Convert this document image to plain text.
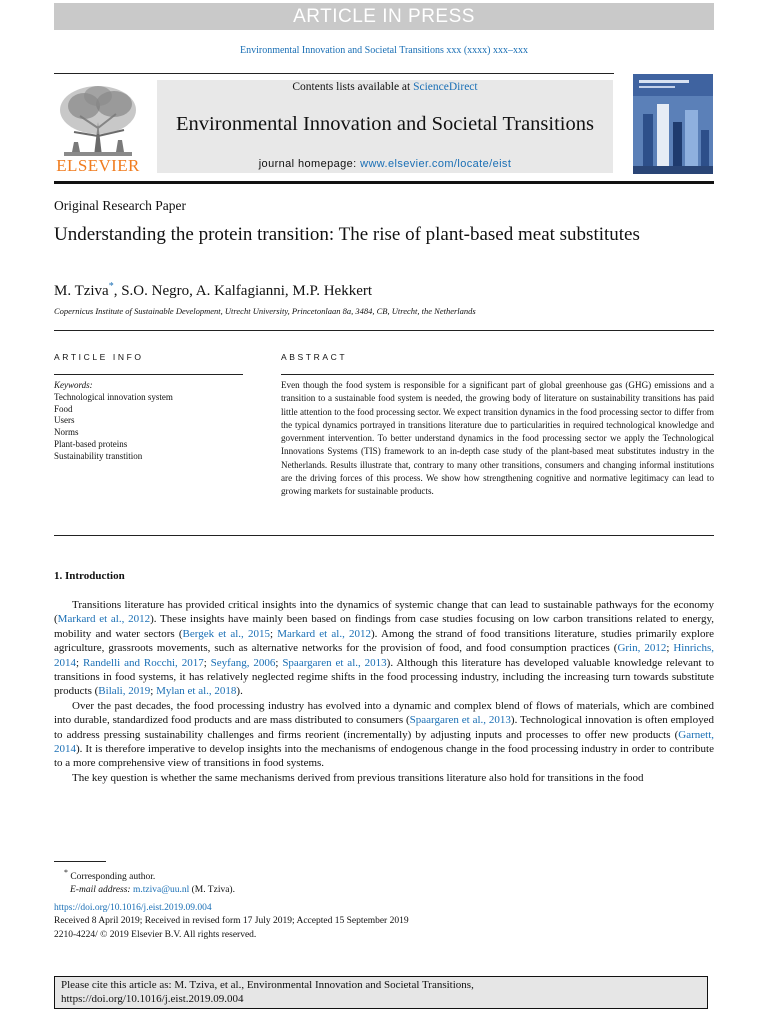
ARTICLE IN PRESS
Environmental Innovation and Societal Transitions xxx (xxxx) xxx–xxx
ELSEVIER
Contents lists available at ScienceDirect
Environmental Innovation and Societal Transitions
journal homepage: www.elsevier.com/locate/eist
Original Research Paper
Understanding the protein transition: The rise of plant-based meat substitutes
M. Tziva*, S.O. Negro, A. Kalfagianni, M.P. Hekkert
Copernicus Institute of Sustainable Development, Utrecht University, Princetonlaan 8a, 3484, CB, Utrecht, the Netherlands
ARTICLE INFO	ABSTRACT
Keywords:
Technological innovation system
Food
Users
Norms
Plant-based proteins
Sustainability transtition
Even though the food system is responsible for a significant part of global greenhouse gas (GHG) emissions and a transition to a sustainable food system is needed, the growing body of literature on sustainability transitions has paid little attention to the food processing sector. We expect transition dynamics in the food processing sector to differ from the typical dynamics portrayed in transitions literature due to particularities in required technological knowledge and government intervention. To better understand dynamics in the food processing sector we apply the Technological Innovations Systems (TIS) framework to an in-depth case study of the plant-based meat substitutes industry in the Netherlands. Results illustrate that, contrary to many other transitions, consumers and changing informal institutions are the driving forces of this process. We show how strengthening cognitive and normative legitimacy can lead to growing markets for sustainable products.
1. Introduction

Transitions literature has provided critical insights into the dynamics of systemic change that can lead to sustainable pathways for the economy (Markard et al., 2012). These insights have mainly been based on findings from case studies focusing on low carbon transitions related to energy, mobility and water sectors (Bergek et al., 2015; Markard et al., 2012). Among the strand of food transitions literature, studies primarily explore agriculture, grassroots movements, such as alternative networks for the provision of food, and food consumption practices (Grin, 2012; Hinrichs, 2014; Randelli and Rocchi, 2017; Seyfang, 2006; Spaargaren et al., 2013). Although this literature has developed valuable knowledge relevant to transitions in food systems, it has relatively neglected regime shifts in the food processing industry, including the increasing turn towards substitute products (Bilali, 2019; Mylan et al., 2018).

Over the past decades, the food processing industry has evolved into a dynamic and complex blend of flows of materials, which are combined into durable, standardized food products and are mass distributed to consumers (Spaargaren et al., 2013). Technological innovation is often employed to address pressing sustainability challenges and firms reorient (incrementally) by adjusting inputs and processes to offer new products (Garnett, 2014). It is therefore imperative to develop insights into the mechanisms of endogenous change in the food processing industry in order to contribute to a more comprehensive view of transitions in food systems.

The key question is whether the same mechanisms derived from previous transitions literature also hold for transitions in the food

* Corresponding author.
E-mail address: m.tziva@uu.nl (M. Tziva).
https://doi.org/10.1016/j.eist.2019.09.004
Received 8 April 2019; Received in revised form 17 July 2019; Accepted 15 September 2019
2210-4224/ © 2019 Elsevier B.V. All rights reserved.
Please cite this article as: M. Tziva, et al., Environmental Innovation and Societal Transitions,
https://doi.org/10.1016/j.eist.2019.09.004
